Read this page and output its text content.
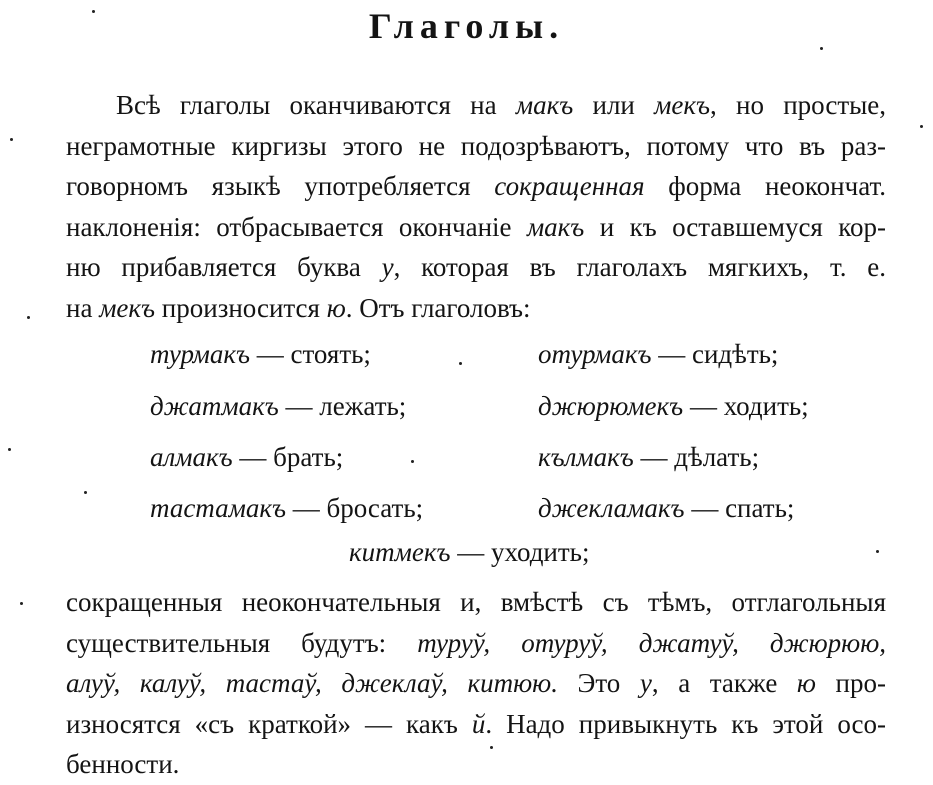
Глаголы.
Всѣ глаголы оканчиваются на макъ или мекъ, но простые,
неграмотные киргизы этого не подозрѣваютъ, потому что въ раз-
говорномъ языкѣ употребляется сокращенная форма неокончат.
наклоненія: отбрасывается окончаніе макъ и къ оставшемуся кор-
ню прибавляется буква у, которая въ глаголахъ мягкихъ, т. е.
на мекъ произносится ю. Отъ глаголовъ:
турмакъ — стоять;	отурмакъ — сидѣть;
джатмакъ — лежать;	джюрюмекъ — ходить;
алмакъ — брать;	кълмакъ — дѣлать;
тастамакъ — бросать;	джекламакъ — спать;
китмекъ — уходить;
сокращенныя неокончательныя и, вмѣстѣ съ тѣмъ, отглагольныя
существительныя будутъ: туруў, отуруў, джатуў, джюрюю,
алуў, калуў, тастаў, джеклаў, китюю. Это у, а также ю про-
износятся «съ краткой» — какъ й. Надо привыкнуть къ этой осо-
бенности.
